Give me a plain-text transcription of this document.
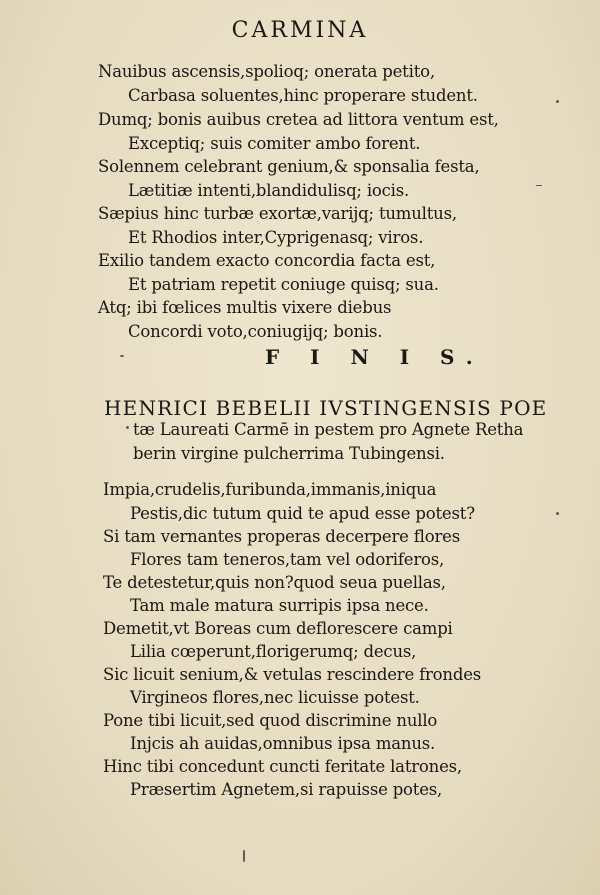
CARMINA
Nauibus ascensis,spolioq; onerata petito,
Carbasa soluentes,hinc properare student.
Dumq; bonis auibus cretea ad littora ventum est,
Exceptiq; suis comiter ambo forent.
Solennem celebrant genium,& sponsalia festa,
Lætitiæ intenti,blandidulisq; iocis.
Sæpius hinc turbæ exortæ,varijq; tumultus,
Et Rhodios inter,Cyprigenasq; viros.
Exilio tandem exacto concordia facta est,
Et patriam repetit coniuge quisq; sua.
Atq; ibi fœlices multis vixere diebus
Concordi voto,coniugijq; bonis.
F I N I S.
HENRICI BEBELII IVSTINGENSIS POE
tæ Laureati Carmē in pestem pro Agnete Retha
berin virgine pulcherrima Tubingensi.
Impia,crudelis,furibunda,immanis,iniqua
Pestis,dic tutum quid te apud esse potest?
Si tam vernantes properas decerpere flores
Flores tam teneros,tam vel odoriferos,
Te detestetur,quis non?quod seua puellas,
Tam male matura surripis ipsa nece.
Demetit,vt Boreas cum deflorescere campi
Lilia cœperunt,florigerumq; decus,
Sic licuit senium,& vetulas rescindere frondes
Virgineos flores,nec licuisse potest.
Pone tibi licuit,sed quod discrimine nullo
Injcis ah auidas,omnibus ipsa manus.
Hinc tibi concedunt cuncti feritate latrones,
Præsertim Agnetem,si rapuisse potes,
